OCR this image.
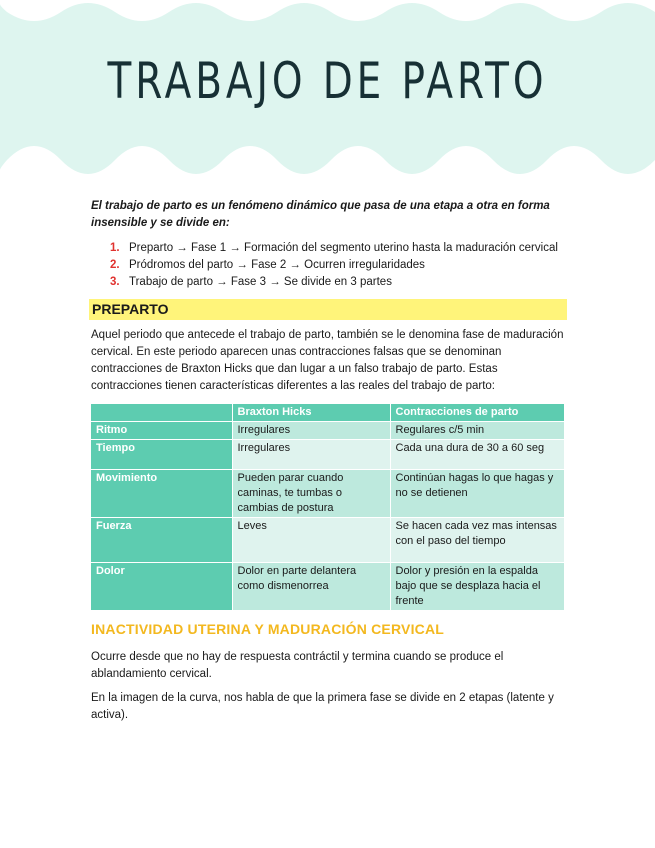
TRABAJO DE PARTO

El trabajo de parto es un fenómeno dinámico que pasa de una etapa a otra en forma insensible y se divide en:

1. Preparto → Fase 1 → Formación del segmento uterino hasta la maduración cervical
2. Pródromos del parto → Fase 2 → Ocurren irregularidades
3. Trabajo de parto → Fase 3 → Se divide en 3 partes
PREPARTO

Aquel periodo que antecede el trabajo de parto, también se le denomina fase de maduración cervical. En este periodo aparecen unas contracciones falsas que se denominan contracciones de Braxton Hicks que dan lugar a un falso trabajo de parto. Estas contracciones tienen características diferentes a las reales del trabajo de parto:

	Braxton Hicks	Contracciones de parto
Ritmo	Irregulares	Regulares c/5 min
Tiempo	Irregulares	Cada una dura de 30 a 60 seg
Movimiento	Pueden parar cuando caminas, te tumbas o cambias de postura	Continúan hagas lo que hagas y no se detienen
Fuerza	Leves	Se hacen cada vez mas intensas con el paso del tiempo
Dolor	Dolor en parte delantera como dismenorrea	Dolor y presión en la espalda bajo que se desplaza hacia el frente
INACTIVIDAD UTERINA Y MADURACIÓN CERVICAL

Ocurre desde que no hay de respuesta contráctil y termina cuando se produce el ablandamiento cervical.

En la imagen de la curva, nos habla de que la primera fase se divide en 2 etapas (latente y activa).
